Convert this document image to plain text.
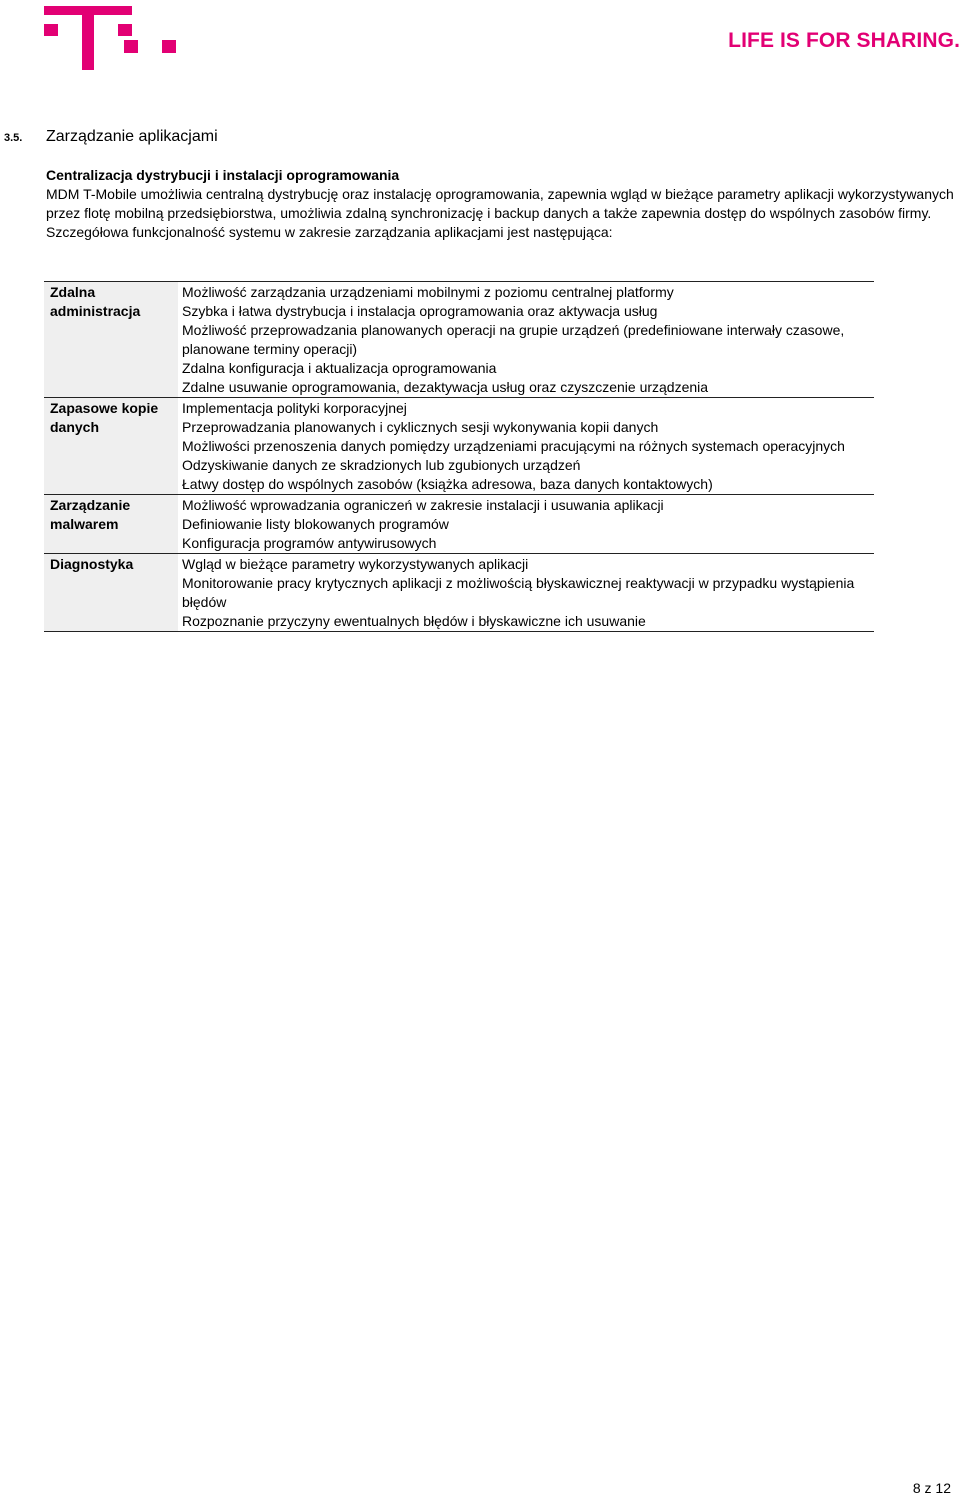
LIFE IS FOR SHARING.
3.5. Zarządzanie aplikacjami

Centralizacja dystrybucji i instalacji oprogramowania

MDM T-Mobile umożliwia centralną dystrybucję oraz instalację oprogramowania, zapewnia wgląd w bieżące parametry aplikacji wykorzystywanych przez flotę mobilną przedsiębiorstwa, umożliwia zdalną synchronizację i backup danych a także zapewnia dostęp do wspólnych zasobów firmy.

Szczegółowa funkcjonalność systemu w zakresie zarządzania aplikacjami jest następująca:

Zdalna administracja	Możliwość zarządzania urządzeniami mobilnymi z poziomu centralnej platformy
Szybka i łatwa dystrybucja i instalacja oprogramowania oraz aktywacja usług
Możliwość przeprowadzania planowanych operacji na grupie urządzeń (predefiniowane interwały czasowe, planowane terminy operacji)
Zdalna konfiguracja i aktualizacja oprogramowania
Zdalne usuwanie oprogramowania, dezaktywacja usług oraz czyszczenie urządzenia

Zapasowe kopie danych	Implementacja polityki korporacyjnej
Przeprowadzania planowanych i cyklicznych sesji wykonywania kopii danych
Możliwości przenoszenia danych pomiędzy urządzeniami pracującymi na różnych systemach operacyjnych
Odzyskiwanie danych ze skradzionych lub zgubionych urządzeń
Łatwy dostęp do wspólnych zasobów (książka adresowa, baza danych kontaktowych)

Zarządzanie malwarem	Możliwość wprowadzania ograniczeń w zakresie instalacji i usuwania aplikacji
Definiowanie listy blokowanych programów
Konfiguracja programów antywirusowych

Diagnostyka	Wgląd w bieżące parametry wykorzystywanych aplikacji
Monitorowanie pracy krytycznych aplikacji z możliwością błyskawicznej reaktywacji w przypadku wystąpienia błędów
Rozpoznanie przyczyny ewentualnych błędów i błyskawiczne ich usuwanie
8 z 12
